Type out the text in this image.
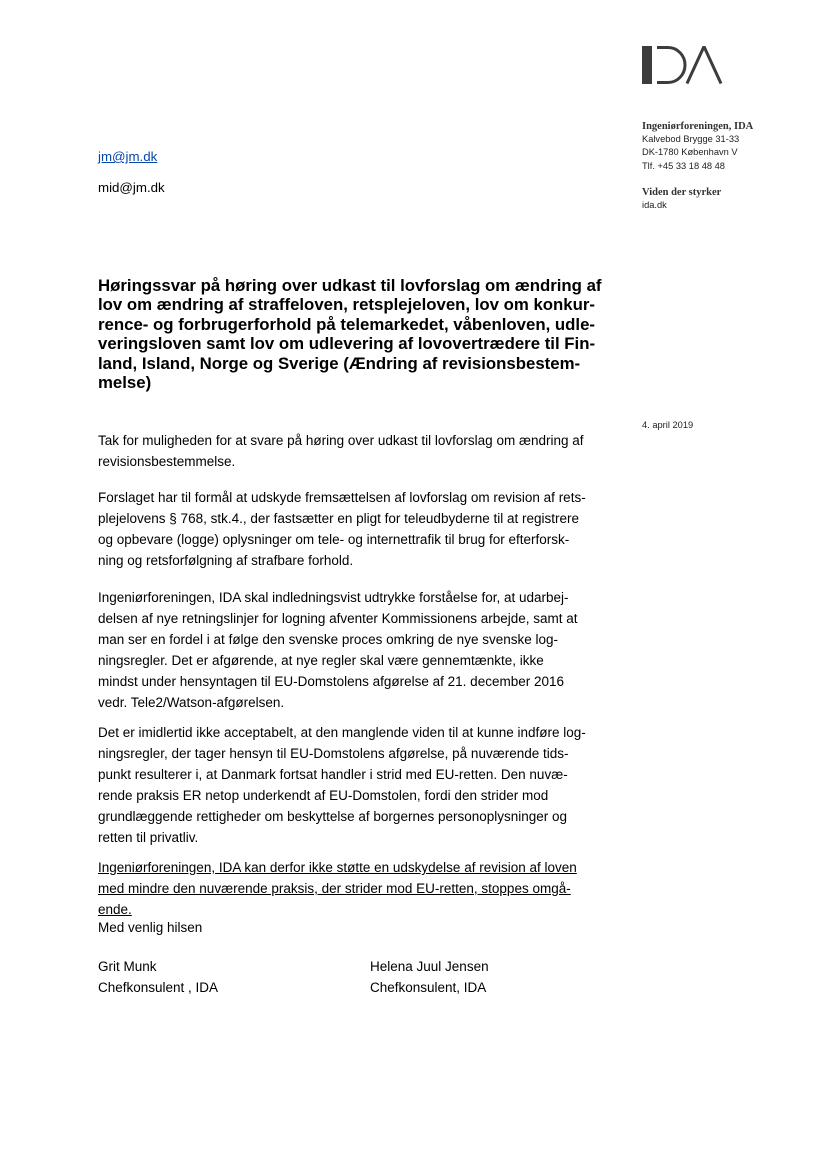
Ingeniørforeningen, IDA
Kalvebod Brygge 31-33
DK-1780 København V
Tlf. +45 33 18 48 48
Viden der styrker
ida.dk
4. april 2019
jm@jm.dk
mid@jm.dk
Høringssvar på høring over udkast til lovforslag om ændring af
lov om ændring af straffeloven, retsplejeloven, lov om konkur-
rence- og forbrugerforhold på telemarkedet, våbenloven, udle-
veringsloven samt lov om udlevering af lovovertrædere til Fin-
land, Island, Norge og Sverige (Ændring af revisionsbestem-
melse)

Tak for muligheden for at svare på høring over udkast til lovforslag om ændring af
revisionsbestemmelse.

Forslaget har til formål at udskyde fremsættelsen af lovforslag om revision af rets-
plejelovens § 768, stk.4., der fastsætter en pligt for teleudbyderne til at registrere
og opbevare (logge) oplysninger om tele- og internettrafik til brug for efterforsk-
ning og retsforfølgning af strafbare forhold.

Ingeniørforeningen, IDA skal indledningsvist udtrykke forståelse for, at udarbej-
delsen af nye retningslinjer for logning afventer Kommissionens arbejde, samt at
man ser en fordel i at følge den svenske proces omkring de nye svenske log-
ningsregler. Det er afgørende, at nye regler skal være gennemtænkte, ikke
mindst under hensyntagen til EU-Domstolens afgørelse af 21. december 2016
vedr. Tele2/Watson-afgørelsen.

Det er imidlertid ikke acceptabelt, at den manglende viden til at kunne indføre log-
ningsregler, der tager hensyn til EU-Domstolens afgørelse, på nuværende tids-
punkt resulterer i, at Danmark fortsat handler i strid med EU-retten. Den nuvæ-
rende praksis ER netop underkendt af EU-Domstolen, fordi den strider mod
grundlæggende rettigheder om beskyttelse af borgernes personoplysninger og
retten til privatliv.

Ingeniørforeningen, IDA kan derfor ikke støtte en udskydelse af revision af loven
med mindre den nuværende praksis, der strider mod EU-retten, stoppes omgå-
ende.

Med venlig hilsen
Grit Munk
Chefkonsulent , IDA
Helena Juul Jensen
Chefkonsulent, IDA
